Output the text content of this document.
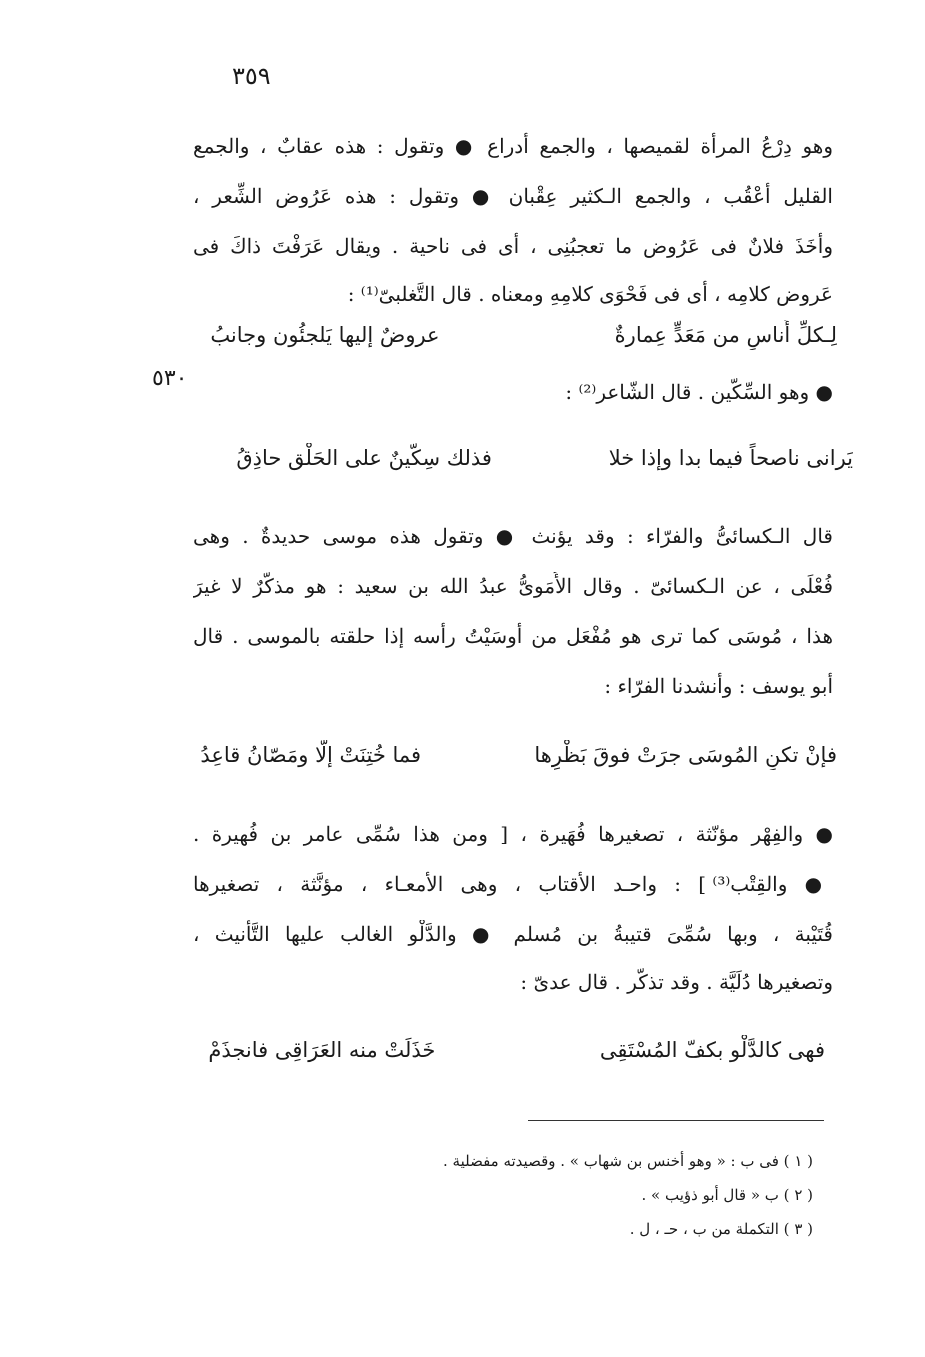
٣٥٩
٥٣٠
وهو دِرْعُ المرأة لقميصها ، والجمع أدراع ● وتقول : هذه عقابٌ ، والجمع
القليل أَعْقُب ، والجمع الـكثير عِقْبان ● وتقول : هذه عَرُوض الشِّعر ،
وأَخَذَ فلانٌ فى عَرُوضٍ ما تعجبُنِى ، أى فى ناحية . ويقال عَرَفْتَ ذاكَ فى
عَروض كلامِه ، أى فى فَحْوَى كلامِهِ ومعناه . قال التَّغلبىّ⁽¹⁾ :
لِـكلِّ أُناسٍ من مَعَدٍّ عِمارةٌ عروضٌ إليها يَلجئُون وجانبُ
● وهو السِّكّين . قال الشّاعر⁽²⁾ :
يَرانى ناصحاً فيما بدا وإذا خلا فذلك سِكّينٌ على الحَلْق حاذِقُ
قال الـكسائىُّ والفرّاء : وقد يؤنث ● وتقول هذه موسى حديدةٌ . وهى
فُعْلَى ، عن الـكسائىّ . وقال الأُمَوىُّ عبدُ الله بن سعيد : هو مذكّرٌ لا غيرَ
هذا ، مُوسَى كما ترى هو مُفْعَل من أوسَيْتُ رأسه إذا حلقته بالموسى . قال
أبو يوسف : وأنشدنا الفرّاء :
فإنْ تكنِ المُوسَى جرَتْ فوقَ بَظْرِها فما خُتِنَتْ إلّا ومَصّانُ قاعِدُ
● والفِهْر مؤنّثة ، تصغيرها فُهَيرة ، [ ومن هذا سُمِّى عامر بن فُهيرة .
● والقِتْب⁽³⁾ ] : واحـد الأقتاب ، وهى الأمعـاء ، مؤنَّثة ، تصغيرها
قُتَيْبة ، وبها سُمِّىَ قتيبةُ بن مُسلم ● والدَّلْو الغالب عليها التَّأنيث ،
وتصغيرها دُلَيَّة . وقد تذكَّر . قال عدىّ :
فهى كالدَّلْو بكفّ المُسْتَقِى خَذَلَتْ منه العَرَاقِى فانجذَمْ
( ١ ) فى ب : « وهو أخنس بن شهاب » . وقصيدته مفضلية .
( ٢ ) ب « قال أبو ذؤيب » .
( ٣ ) التكملة من ب ، حـ ، ل .
